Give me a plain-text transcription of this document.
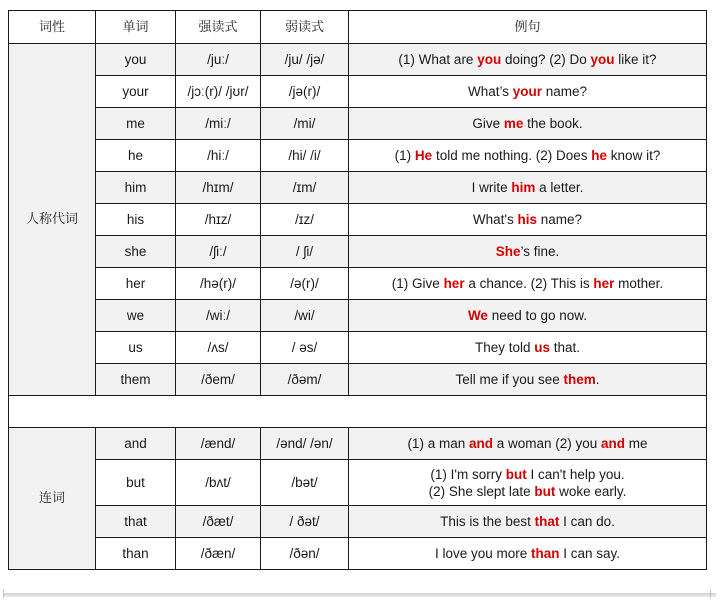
词性	单词	强读式	弱读式	例句
人称代词	you	/juː/	/ju/ /jə/	(1) What are you doing? (2) Do you like it?

	your	/jɔː(r)/ /jʊr/	/jə(r)/	What’s your name?

	me	/miː/	/mi/	Give me the book.

	he	/hiː/	/hi/ /i/	(1) He told me nothing. (2) Does he know it?

	him	/hɪm/	/ɪm/	I write him a letter.

	his	/hɪz/	/ɪz/	What's his name?

	she	/ʃiː/	/ ʃi/	She’s fine.

	her	/hə(r)/	/ə(r)/	(1) Give her a chance. (2) This is her mother.

	we	/wiː/	/wi/	We need to go now.

	us	/ʌs/	/ əs/	They told us that.

	them	/ðem/	/ðəm/	Tell me if you see them.

连词	and	/ænd/	/ənd/ /ən/	(1) a man and a woman (2) you and me

	but	/bʌt/	/bət/	(1) I'm sorry but I can't help you.
(2) She slept late but woke early.

	that	/ðæt/	/ ðət/	This is the best that I can do.

	than	/ðæn/	/ðən/	I love you more than I can say.
